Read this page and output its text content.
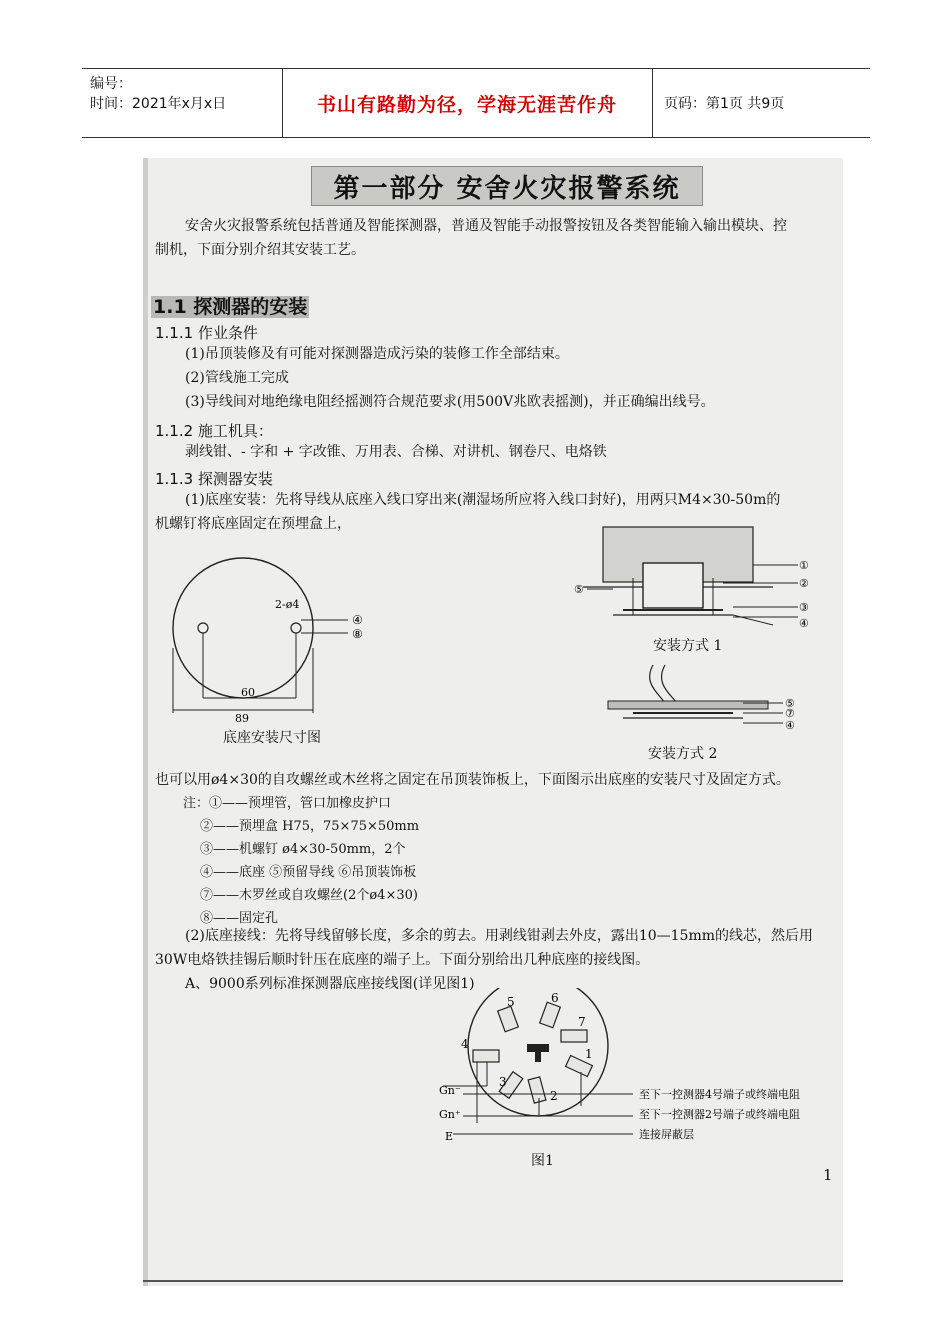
编号：
时间：2021年x月x日	书山有路勤为径，学海无涯苦作舟	页码：第1页 共9页
第一部分 安舍火灾报警系统
安舍火灾报警系统包括普通及智能探测器，普通及智能手动报警按钮及各类智能输入输出模块、控
制机，下面分别介绍其安装工艺。
1.1 探测器的安装
1.1.1 作业条件
(1)吊顶装修及有可能对探测器造成污染的装修工作全部结束。
(2)管线施工完成
(3)导线间对地绝缘电阻经摇测符合规范要求(用500V兆欧表摇测)，并正确编出线号。
1.1.2 施工机具：
剥线钳、- 字和 + 字改锥、万用表、合梯、对讲机、钢卷尺、电烙铁
1.1.3 探测器安装
(1)底座安装：先将导线从底座入线口穿出来(潮湿场所应将入线口封好)，用两只M4×30-50m的
机螺钉将底座固定在预埋盒上，
2-ø4
④
⑧
60
89
底座安装尺寸图
⑤
①
②
③
④
安装方式 1
⑤
⑦
④
安装方式 2
也可以用ø4×30的自攻螺丝或木丝将之固定在吊顶装饰板上，下面图示出底座的安装尺寸及固定方式。
注：①——预埋管，管口加橡皮护口
②——预埋盒 H75，75×75×50mm
③——机螺钉 ø4×30-50mm，2个
④——底座 ⑤预留导线 ⑥吊顶装饰板
⑦——木罗丝或自攻螺丝(2个ø4×30)
⑧——固定孔
(2)底座接线：先将导线留够长度，多余的剪去。用剥线钳剥去外皮，露出10—15mm的线芯，然后用
30W电烙铁挂锡后顺时针压在底座的端子上。下面分别给出几种底座的接线图。
A、9000系列标准探测器底座接线图(详见图1)
5	6
7
4
1
3
2
Gn⁻
Gn⁺
E
至下一控测器4号端子或终端电阻
至下一控测器2号端子或终端电阻
连接屏蔽层
图1
1
